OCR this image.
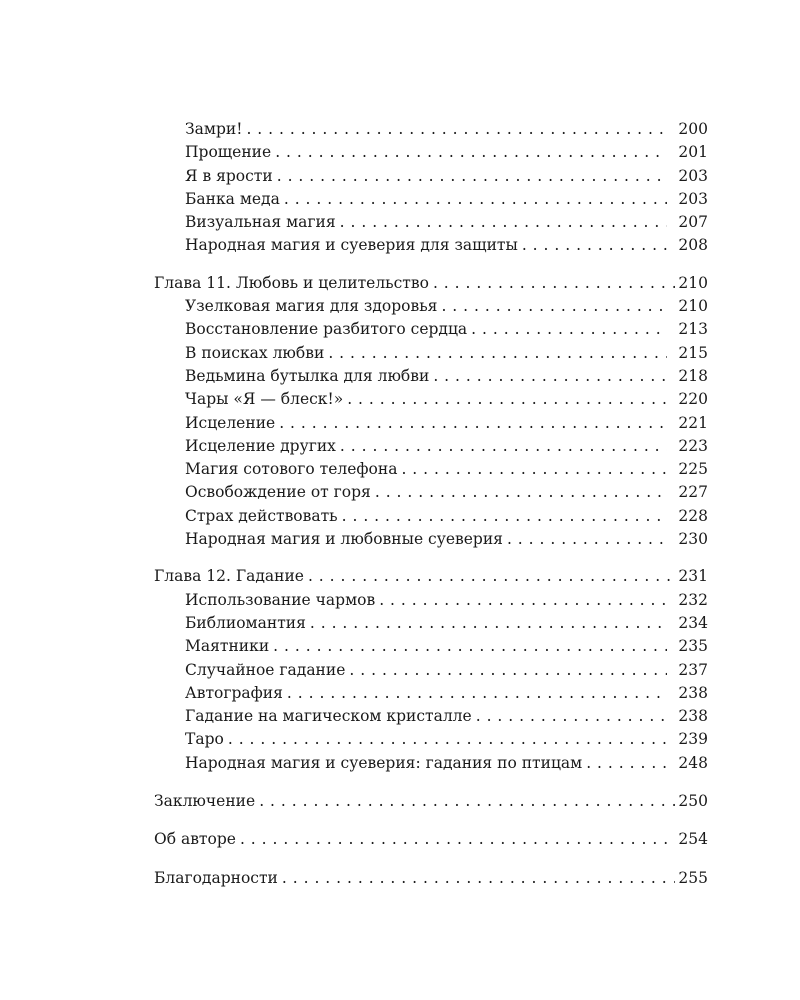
Замри! . . .	200
Прощение . . .	201
Я в ярости . . .	203
Банка меда . . .	203
Визуальная магия . . .	207
Народная магия и суеверия для защиты . . .	208
Глава 11. Любовь и целительство . . .	210
Узелковая магия для здоровья . . .	210
Восстановление разбитого сердца . . .	213
В поисках любви . . .	215
Ведьмина бутылка для любви . . .	218
Чары «Я — блеск!» . . .	220
Исцеление . . .	221
Исцеление других . . .	223
Магия сотового телефона . . .	225
Освобождение от горя . . .	227
Страх действовать . . .	228
Народная магия и любовные суеверия . . .	230
Глава 12. Гадание . . .	231
Использование чармов . . .	232
Библиомантия . . .	234
Маятники . . .	235
Случайное гадание . . .	237
Автография . . .	238
Гадание на магическом кристалле . . .	238
Таро . . .	239
Народная магия и суеверия: гадания по птицам . . .	248
Заключение . . .	250
Об авторе . . .	254
Благодарности . . .	255
